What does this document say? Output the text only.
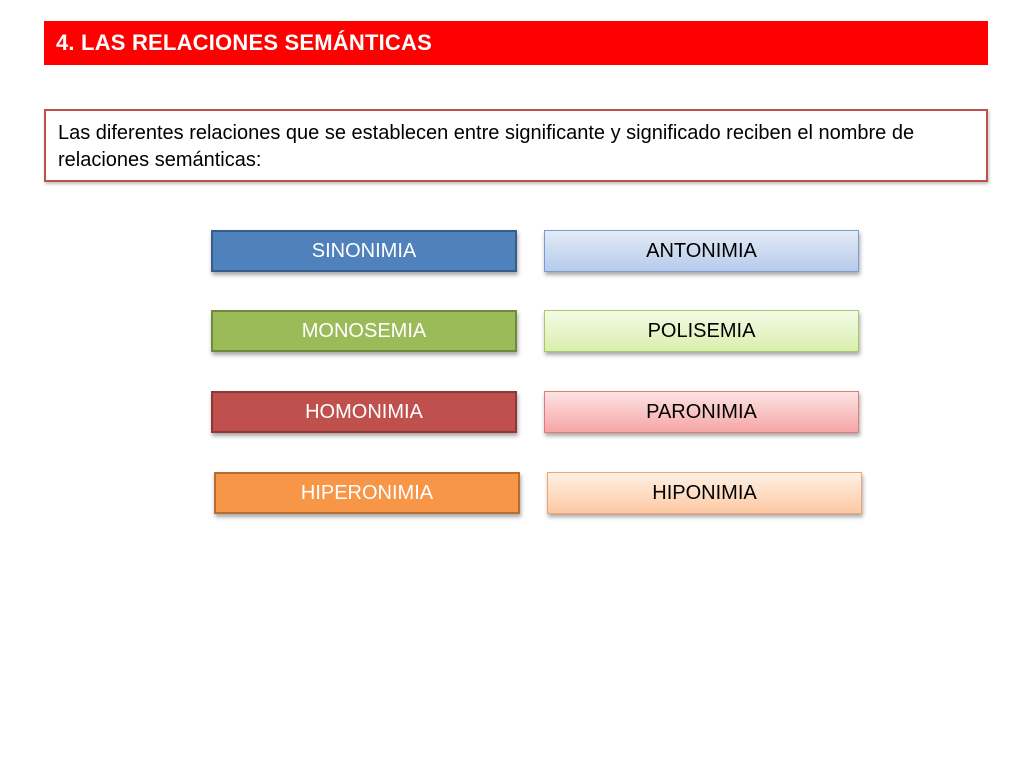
4. LAS RELACIONES SEMÁNTICAS
Las diferentes relaciones que se establecen entre significante y significado reciben el nombre de relaciones semánticas:
SINONIMIA	ANTONIMIA
MONOSEMIA	POLISEMIA
HOMONIMIA	PARONIMIA
HIPERONIMIA	HIPONIMIA
